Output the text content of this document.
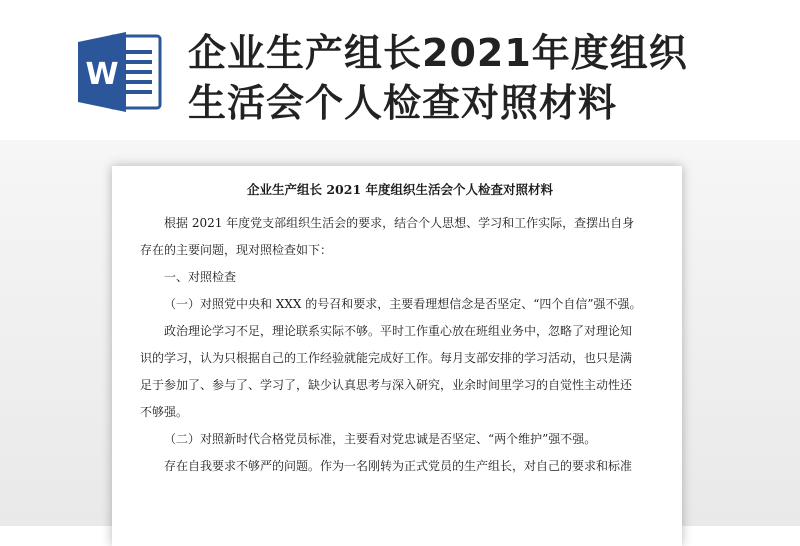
W 企业生产组长2021年度组织
生活会个人检查对照材料
企业生产组长 2021 年度组织生活会个人检查对照材料
根据 2021 年度党支部组织生活会的要求，结合个人思想、学习和工作实际，查摆出自身
存在的主要问题，现对照检查如下：
一、对照检查
（一）对照党中央和 XXX 的号召和要求，主要看理想信念是否坚定、“四个自信”强不强。
政治理论学习不足，理论联系实际不够。平时工作重心放在班组业务中，忽略了对理论知
识的学习，认为只根据自己的工作经验就能完成好工作。每月支部安排的学习活动，也只是满
足于参加了、参与了、学习了，缺少认真思考与深入研究，业余时间里学习的自觉性主动性还
不够强。
（二）对照新时代合格党员标准，主要看对党忠诚是否坚定、“两个维护”强不强。
存在自我要求不够严的问题。作为一名刚转为正式党员的生产组长，对自己的要求和标准
